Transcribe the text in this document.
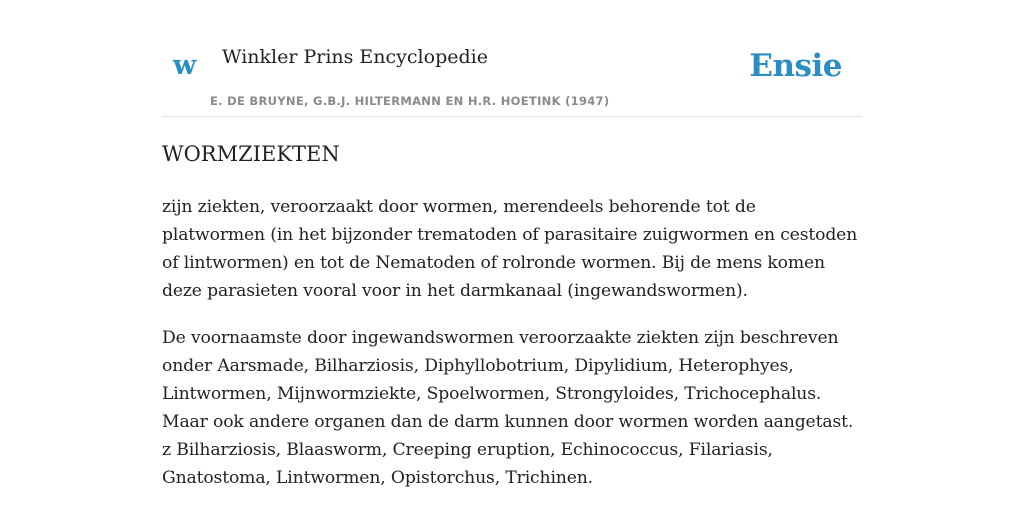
w Winkler Prins Encyclopedie
E. DE BRUYNE, G.B.J. HILTERMANN EN H.R. HOETINK (1947)
Ensie
WORMZIEKTEN

zijn ziekten, veroorzaakt door wormen, merendeels behorende tot de platwormen (in het bijzonder trematoden of parasitaire zuigwormen en cestoden of lintwormen) en tot de Nematoden of rolronde wormen. Bij de mens komen deze parasieten vooral voor in het darmkanaal (ingewandswormen).

De voornaamste door ingewandswormen veroorzaakte ziekten zijn beschreven onder Aarsmade, Bilharziosis, Diphyllobotrium, Dipylidium, Heterophyes, Lintwormen, Mijnwormziekte, Spoelwormen, Strongyloides, Trichocephalus. Maar ook andere organen dan de darm kunnen door wormen worden aangetast. z Bilharziosis, Blaasworm, Creeping eruption, Echinococcus, Filariasis, Gnatostoma, Lintwormen, Opistorchus, Trichinen.
